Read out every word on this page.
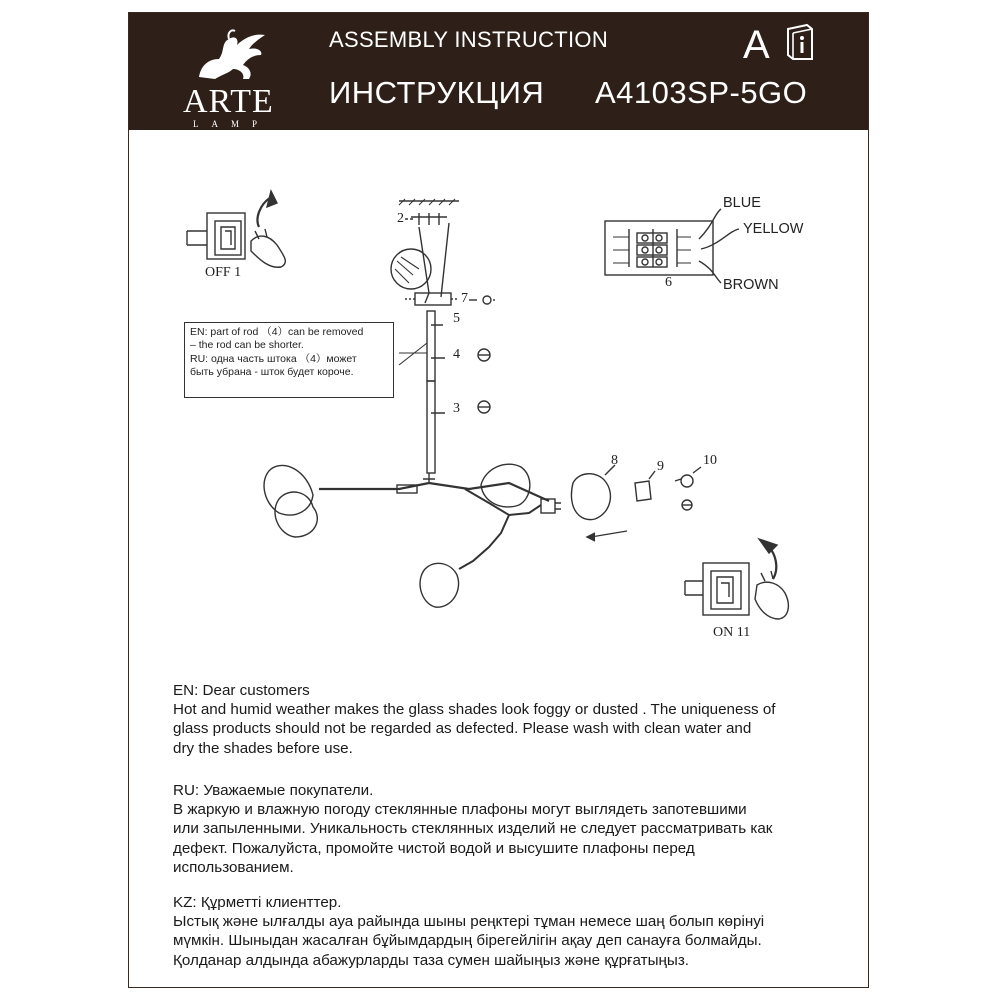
ARTE
LAMP
ASSEMBLY INSTRUCTION
ИНСТРУКЦИЯ
A
A4103SP-5GO
OFF 1
2
5
7
4
3
6
8	9	10
ON 11
BLUE
YELLOW
BROWN
EN: part of rod （4）can be removed
– the rod can be shorter.
RU: одна часть штока （4）может
быть убрана - шток будет короче.
EN: Dear customers
Hot and humid weather makes the glass shades look foggy or dusted . The uniqueness of
glass products should not be regarded as defected. Please wash with clean water and
dry the shades before use.
RU: Уважаемые покупатели.
В жаркую и влажную погоду стеклянные плафоны могут выглядеть запотевшими
или запыленными. Уникальность стеклянных изделий не следует рассматривать как
дефект. Пожалуйста, промойте чистой водой и высушите плафоны перед
использованием.
KZ: Құрметті клиенттер.
Ыстық және ылғалды ауа райында шыны реңктері тұман немесе шаң болып көрінуі
мүмкін. Шыныдан жасалған бұйымдардың бірегейлігін ақау деп санауға болмайды.
Қолданар алдында абажурларды таза сумен шайыңыз және құрғатыңыз.
